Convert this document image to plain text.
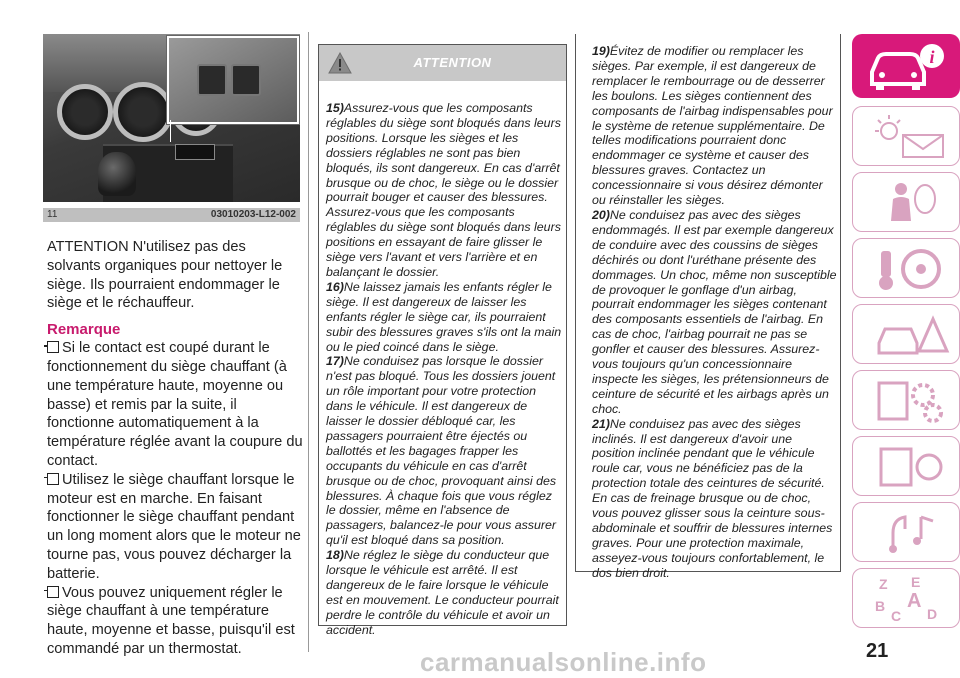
11	03010203-L12-002

ATTENTION N'utilisez pas des solvants organiques pour nettoyer le siège. Ils pourraient endommager le siège et le réchauffeur.

Remarque

Si le contact est coupé durant le fonctionnement du siège chauffant (à une température haute, moyenne ou basse) et remis par la suite, il fonctionne automatiquement à la température réglée avant la coupure du contact.

Utilisez le siège chauffant lorsque le moteur est en marche. En faisant fonctionner le siège chauffant pendant un long moment alors que le moteur ne tourne pas, vous pouvez décharger la batterie.

Vous pouvez uniquement régler le siège chauffant à une température haute, moyenne et basse, puisqu'il est commandé par un thermostat.

ATTENTION

15)Assurez-vous que les composants réglables du siège sont bloqués dans leurs positions. Lorsque les sièges et les dossiers réglables ne sont pas bien bloqués, ils sont dangereux. En cas d'arrêt brusque ou de choc, le siège ou le dossier pourrait bouger et causer des blessures. Assurez-vous que les composants réglables du siège sont bloqués dans leurs positions en essayant de faire glisser le siège vers l'avant et vers l'arrière et en balançant le dossier.

16)Ne laissez jamais les enfants régler le siège. Il est dangereux de laisser les enfants régler le siège car, ils pourraient subir des blessures graves s'ils ont la main ou le pied coincé dans le siège.

17)Ne conduisez pas lorsque le dossier n'est pas bloqué. Tous les dossiers jouent un rôle important pour votre protection dans le véhicule. Il est dangereux de laisser le dossier débloqué car, les passagers pourraient être éjectés ou ballottés et les bagages frapper les occupants du véhicule en cas d'arrêt brusque ou de choc, provoquant ainsi des blessures. À chaque fois que vous réglez le dossier, même en l'absence de passagers, balancez-le pour vous assurer qu'il est bloqué dans sa position.

18)Ne réglez le siège du conducteur que lorsque le véhicule est arrêté. Il est dangereux de le faire lorsque le véhicule est en mouvement. Le conducteur pourrait perdre le contrôle du véhicule et avoir un accident.

19)Évitez de modifier ou remplacer les sièges. Par exemple, il est dangereux de remplacer le rembourrage ou de desserrer les boulons. Les sièges contiennent des composants de l'airbag indispensables pour le système de retenue supplémentaire. De telles modifications pourraient donc endommager ce système et causer des blessures graves. Contactez un concessionnaire si vous désirez démonter ou réinstaller les sièges.

20)Ne conduisez pas avec des sièges endommagés. Il est par exemple dangereux de conduire avec des coussins de sièges déchirés ou dont l'uréthane présente des dommages. Un choc, même non susceptible de provoquer le gonflage d'un airbag, pourrait endommager les sièges contenant des composants essentiels de l'airbag. En cas de choc, l'airbag pourrait ne pas se gonfler et causer des blessures. Assurez-vous toujours qu'un concessionnaire inspecte les sièges, les prétensionneurs de ceinture de sécurité et les airbags après un choc.

21)Ne conduisez pas avec des sièges inclinés. Il est dangereux d'avoir une position inclinée pendant que le véhicule roule car, vous ne bénéficiez pas de la protection totale des ceintures de sécurité. En cas de freinage brusque ou de choc, vous pouvez glisser sous la ceinture sous-abdominale et souffrir de blessures internes graves. Pour une protection maximale, asseyez-vous toujours confortablement, le dos bien droit.

i
Z E
B A
C D
21
carmanualsonline.info
